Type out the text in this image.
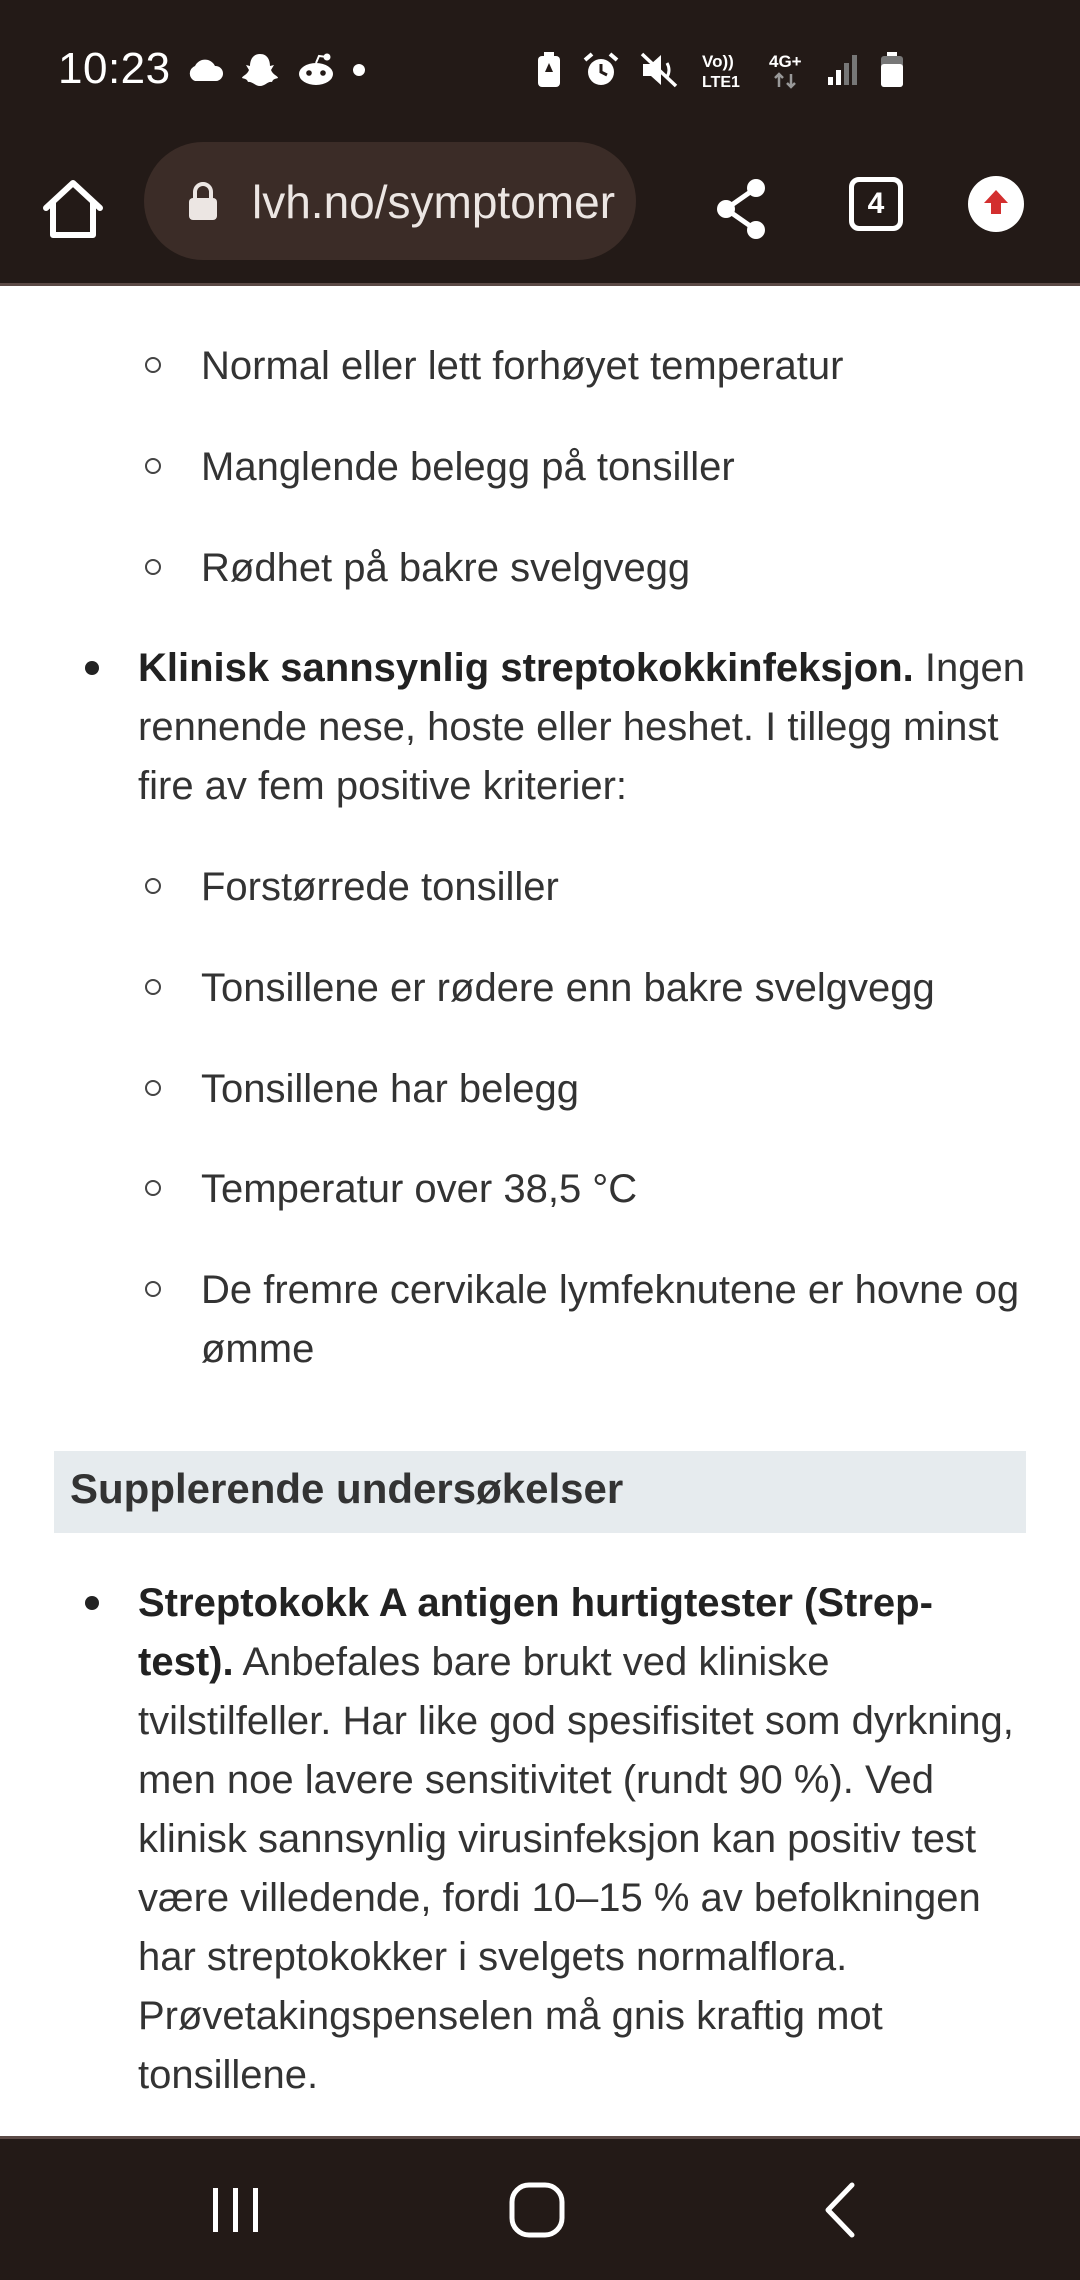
10:23	Vo))
LTE1
4G+
lvh.no/symptomer	4
Normal eller lett forhøyet temperatur
Manglende belegg på tonsiller
Rødhet på bakre svelgvegg
Klinisk sannsynlig streptokokkinfeksjon. Ingen rennende nese, hoste eller heshet. I tillegg minst fire av fem positive kriterier:
Forstørrede tonsiller
Tonsillene er rødere enn bakre svelgvegg
Tonsillene har belegg
Temperatur over 38,5 °C
De fremre cervikale lymfeknutene er hovne og ømme
Supplerende undersøkelser
Streptokokk A antigen hurtigtester (Strep-test). Anbefales bare brukt ved kliniske tvilstilfeller. Har like god spesifisitet som dyrkning, men noe lavere sensitivitet (rundt 90 %). Ved klinisk sannsynlig virusinfeksjon kan positiv test være villedende, fordi 10–15 % av befolkningen har streptokokker i svelgets normalflora. Prøvetakingspenselen må gnis kraftig mot tonsillene.
